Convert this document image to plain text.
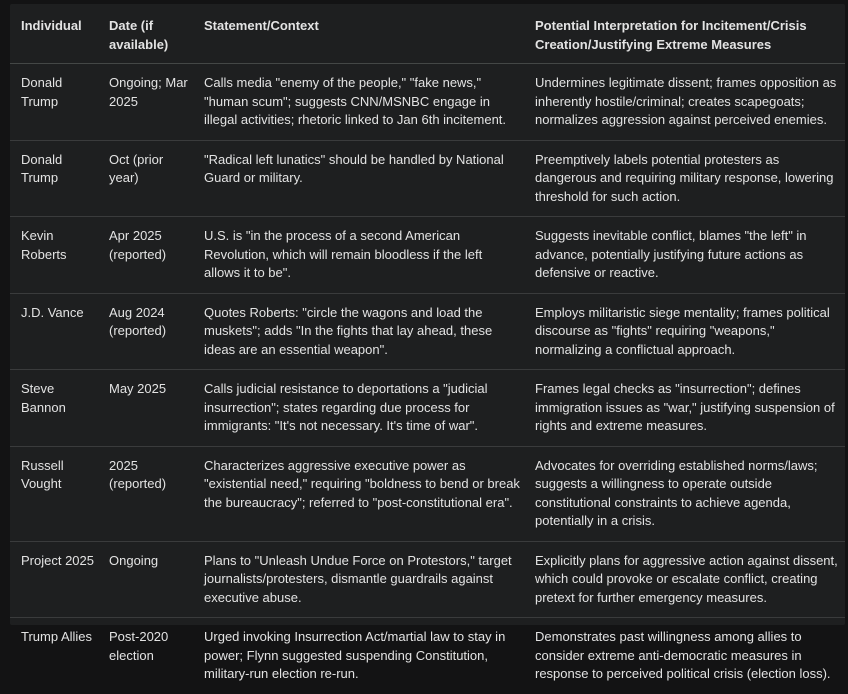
Individual	Date (if available)	Statement/Context	Potential Interpretation for Incitement/Crisis Creation/Justifying Extreme Measures
Donald Trump	Ongoing; Mar 2025	Calls media "enemy of the people," "fake news," "human scum"; suggests CNN/MSNBC engage in illegal activities; rhetoric linked to Jan 6th incitement.	Undermines legitimate dissent; frames opposition as inherently hostile/criminal; creates scapegoats; normalizes aggression against perceived enemies.
Donald Trump	Oct (prior year)	"Radical left lunatics" should be handled by National Guard or military.	Preemptively labels potential protesters as dangerous and requiring military response, lowering threshold for such action.
Kevin Roberts	Apr 2025 (reported)	U.S. is "in the process of a second American Revolution, which will remain bloodless if the left allows it to be".	Suggests inevitable conflict, blames "the left" in advance, potentially justifying future actions as defensive or reactive.
J.D. Vance	Aug 2024 (reported)	Quotes Roberts: "circle the wagons and load the muskets"; adds "In the fights that lay ahead, these ideas are an essential weapon".	Employs militaristic siege mentality; frames political discourse as "fights" requiring "weapons," normalizing a conflictual approach.
Steve Bannon	May 2025	Calls judicial resistance to deportations a "judicial insurrection"; states regarding due process for immigrants: "It's not necessary. It's time of war".	Frames legal checks as "insurrection"; defines immigration issues as "war," justifying suspension of rights and extreme measures.
Russell Vought	2025 (reported)	Characterizes aggressive executive power as "existential need," requiring "boldness to bend or break the bureaucracy"; referred to "post-constitutional era".	Advocates for overriding established norms/laws; suggests a willingness to operate outside constitutional constraints to achieve agenda, potentially in a crisis.
Project 2025	Ongoing	Plans to "Unleash Undue Force on Protestors," target journalists/protesters, dismantle guardrails against executive abuse.	Explicitly plans for aggressive action against dissent, which could provoke or escalate conflict, creating pretext for further emergency measures.
Trump Allies	Post-2020 election	Urged invoking Insurrection Act/martial law to stay in power; Flynn suggested suspending Constitution, military-run election re-run.	Demonstrates past willingness among allies to consider extreme anti-democratic measures in response to perceived political crisis (election loss).
